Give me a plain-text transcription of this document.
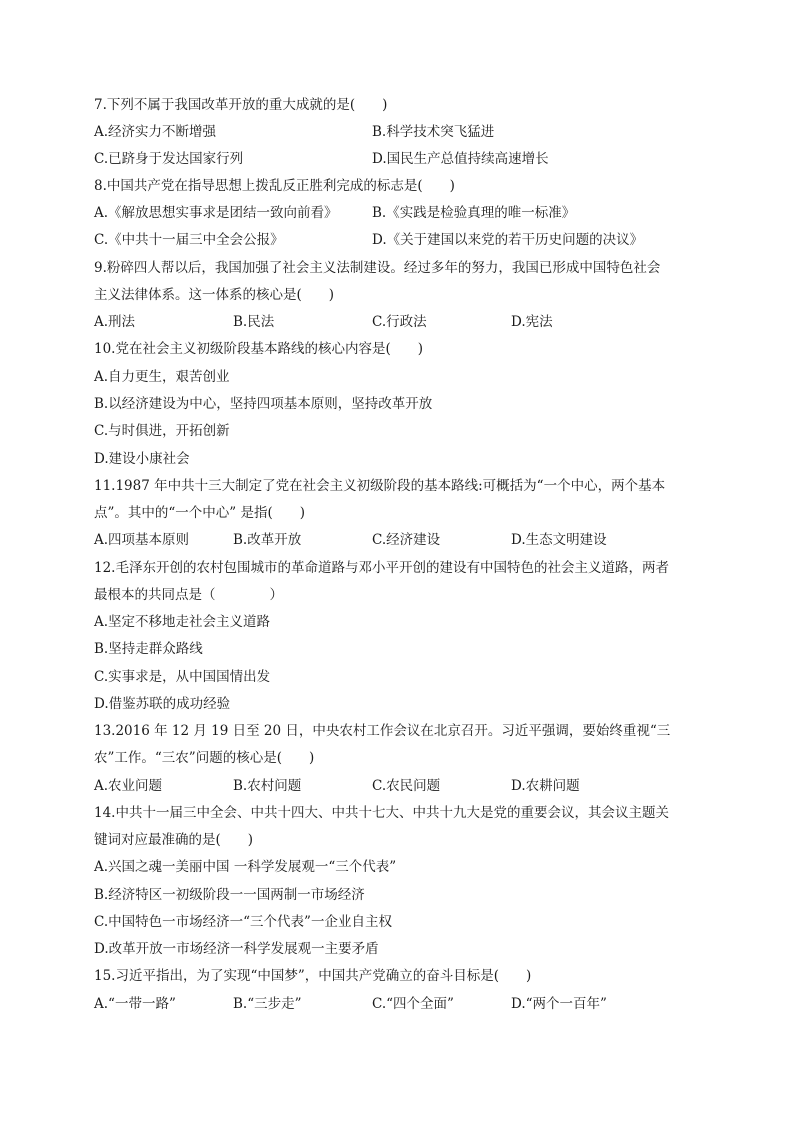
7.下列不属于我国改革开放的重大成就的是(　　)
A.经济实力不断增强	B.科学技术突飞猛进
C.已跻身于发达国家行列	D.国民生产总值持续高速增长
8.中国共产党在指导思想上拨乱反正胜利完成的标志是(　　)
A.《解放思想实事求是团结一致向前看》	B.《实践是检验真理的唯一标准》
C.《中共十一届三中全会公报》	D.《关于建国以来党的若干历史问题的决议》
9.粉碎四人帮以后，我国加强了社会主义法制建设。经过多年的努力，我国已形成中国特色社会
主义法律体系。这一体系的核心是(　　)
A.刑法	B.民法	C.行政法	D.宪法
10.党在社会主义初级阶段基本路线的核心内容是(　　)
A.自力更生，艰苦创业
B.以经济建设为中心，坚持四项基本原则，坚持改革开放
C.与时俱进，开拓创新
D.建设小康社会
11.1987 年中共十三大制定了党在社会主义初级阶段的基本路线:可概括为“一个中心，两个基本
点”。其中的“一个中心” 是指(　　)
A.四项基本原则	B.改革开放	C.经济建设	D.生态文明建设
12.毛泽东开创的农村包围城市的革命道路与邓小平开创的建设有中国特色的社会主义道路，两者
最根本的共同点是（　　　　）
A.坚定不移地走社会主义道路
B.坚持走群众路线
C.实事求是，从中国国情出发
D.借鉴苏联的成功经验
13.2016 年 12 月 19 日至 20 日，中央农村工作会议在北京召开。习近平强调，要始终重视“三
农”工作。“三农”问题的核心是(　　)
A.农业问题	B.农村问题	C.农民问题	D.农耕问题
14.中共十一届三中全会、中共十四大、中共十七大、中共十九大是党的重要会议，其会议主题关
键词对应最准确的是(　　)
A.兴国之魂一美丽中国 一科学发展观一“三个代表”
B.经济特区一初级阶段一一国两制一市场经济
C.中国特色一市场经济一“三个代表”一企业自主权
D.改革开放一市场经济一科学发展观一主要矛盾
15.习近平指出，为了实现“中国梦”，中国共产党确立的奋斗目标是(　　)
A.“一带一路”	B.“三步走”	C.“四个全面”	D.“两个一百年”
